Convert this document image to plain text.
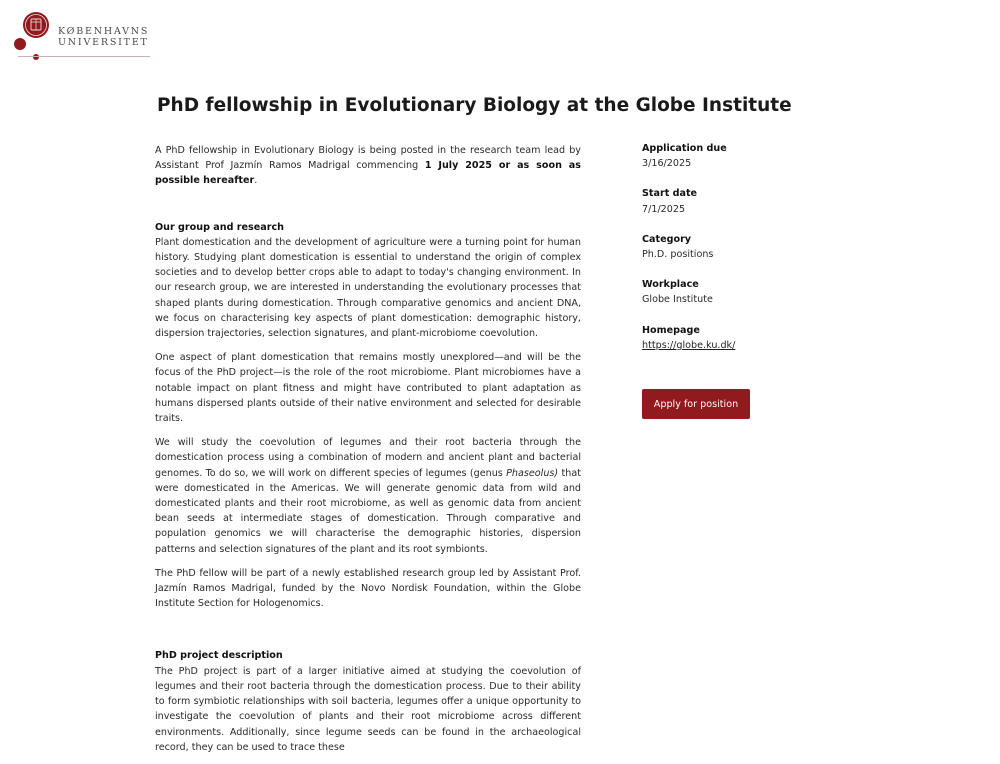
KØBENHAVNS
UNIVERSITET
PhD fellowship in Evolutionary Biology at the Globe Institute

A PhD fellowship in Evolutionary Biology is being posted in the research team lead by Assistant Prof Jazmín Ramos Madrigal commencing 1 July 2025 or as soon as possible hereafter.

Our group and research

Plant domestication and the development of agriculture were a turning point for human history. Studying plant domestication is essential to understand the origin of complex societies and to develop better crops able to adapt to today's changing environment. In our research group, we are interested in understanding the evolutionary processes that shaped plants during domestication. Through comparative genomics and ancient DNA, we focus on characterising key aspects of plant domestication: demographic history, dispersion trajectories, selection signatures, and plant-microbiome coevolution.

One aspect of plant domestication that remains mostly unexplored—and will be the focus of the PhD project—is the role of the root microbiome. Plant microbiomes have a notable impact on plant fitness and might have contributed to plant adaptation as humans dispersed plants outside of their native environment and selected for desirable traits.

We will study the coevolution of legumes and their root bacteria through the domestication process using a combination of modern and ancient plant and bacterial genomes. To do so, we will work on different species of legumes (genus Phaseolus) that were domesticated in the Americas. We will generate genomic data from wild and domesticated plants and their root microbiome, as well as genomic data from ancient bean seeds at intermediate stages of domestication. Through comparative and population genomics we will characterise the demographic histories, dispersion patterns and selection signatures of the plant and its root symbionts.

The PhD fellow will be part of a newly established research group led by Assistant Prof. Jazmín Ramos Madrigal, funded by the Novo Nordisk Foundation, within the Globe Institute Section for Hologenomics.

PhD project description

The PhD project is part of a larger initiative aimed at studying the coevolution of legumes and their root bacteria through the domestication process. Due to their ability to form symbiotic relationships with soil bacteria, legumes offer a unique opportunity to investigate the coevolution of plants and their root microbiome across different environments. Additionally, since legume seeds can be found in the archaeological record, they can be used to trace these

Application due
3/16/2025
Start date
7/1/2025
Category
Ph.D. positions
Workplace
Globe Institute
Homepage
https://globe.ku.dk/
Apply for position
